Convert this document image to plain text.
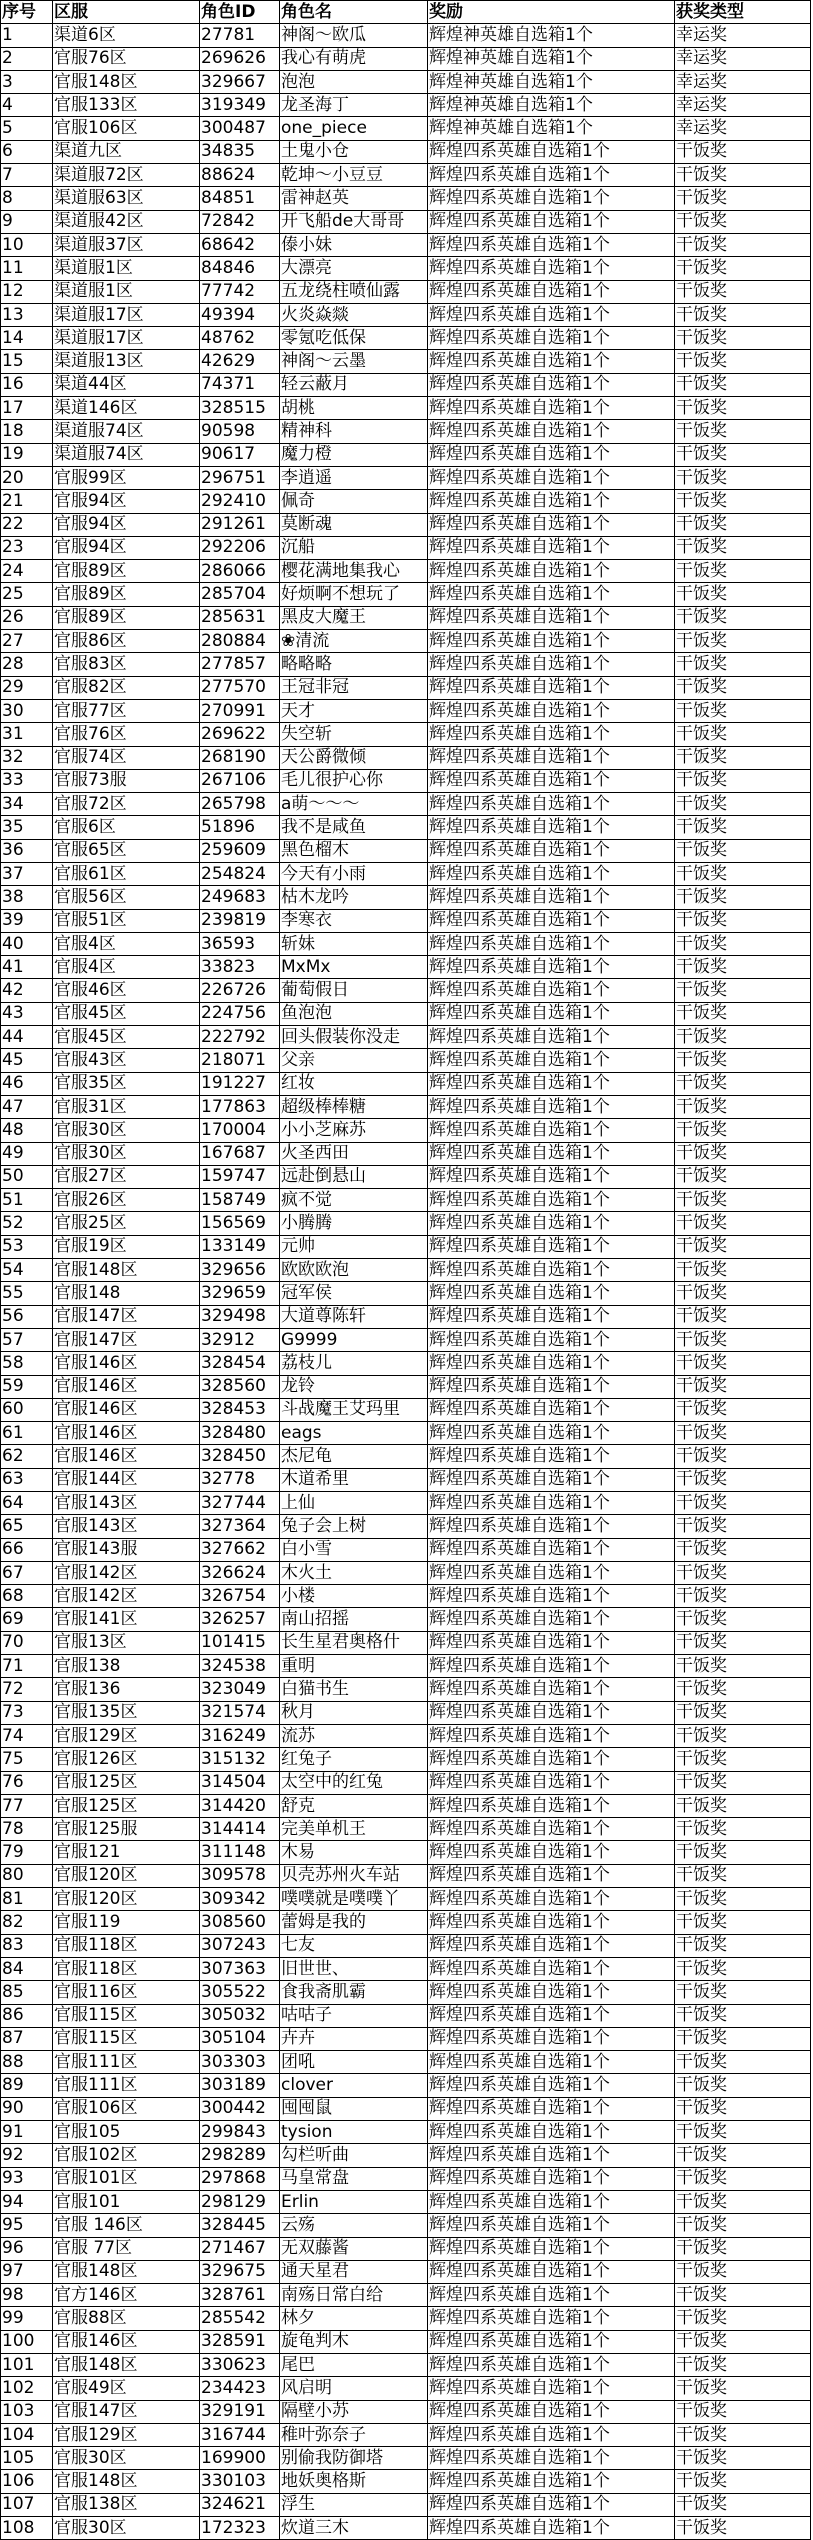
序号	区服	角色ID	角色名	奖励	获奖类型
1	渠道6区	27781	神阁～欧瓜	辉煌神英雄自选箱1个	幸运奖
2	官服76区	269626	我心有萌虎	辉煌神英雄自选箱1个	幸运奖
3	官服148区	329667	泡泡	辉煌神英雄自选箱1个	幸运奖
4	官服133区	319349	龙圣海丁	辉煌神英雄自选箱1个	幸运奖
5	官服106区	300487	one_piece	辉煌神英雄自选箱1个	幸运奖
6	渠道九区	34835	土鬼小仓	辉煌四系英雄自选箱1个	干饭奖
7	渠道服72区	88624	乾坤～小豆豆	辉煌四系英雄自选箱1个	干饭奖
8	渠道服63区	84851	雷神赵英	辉煌四系英雄自选箱1个	干饭奖
9	渠道服42区	72842	开飞船de大哥哥	辉煌四系英雄自选箱1个	干饭奖
10	渠道服37区	68642	傣小妹	辉煌四系英雄自选箱1个	干饭奖
11	渠道服1区	84846	大漂亮	辉煌四系英雄自选箱1个	干饭奖
12	渠道服1区	77742	五龙绕柱喷仙露	辉煌四系英雄自选箱1个	干饭奖
13	渠道服17区	49394	火炎焱燚	辉煌四系英雄自选箱1个	干饭奖
14	渠道服17区	48762	零氪吃低保	辉煌四系英雄自选箱1个	干饭奖
15	渠道服13区	42629	神阁～云墨	辉煌四系英雄自选箱1个	干饭奖
16	渠道44区	74371	轻云蔽月	辉煌四系英雄自选箱1个	干饭奖
17	渠道146区	328515	胡桃	辉煌四系英雄自选箱1个	干饭奖
18	渠道服74区	90598	精神科	辉煌四系英雄自选箱1个	干饭奖
19	渠道服74区	90617	魔力橙	辉煌四系英雄自选箱1个	干饭奖
20	官服99区	296751	李逍遥	辉煌四系英雄自选箱1个	干饭奖
21	官服94区	292410	佩奇	辉煌四系英雄自选箱1个	干饭奖
22	官服94区	291261	莫断魂	辉煌四系英雄自选箱1个	干饭奖
23	官服94区	292206	沉船	辉煌四系英雄自选箱1个	干饭奖
24	官服89区	286066	樱花满地集我心	辉煌四系英雄自选箱1个	干饭奖
25	官服89区	285704	好烦啊不想玩了	辉煌四系英雄自选箱1个	干饭奖
26	官服89区	285631	黑皮大魔王	辉煌四系英雄自选箱1个	干饭奖
27	官服86区	280884	❀清流	辉煌四系英雄自选箱1个	干饭奖
28	官服83区	277857	略略略	辉煌四系英雄自选箱1个	干饭奖
29	官服82区	277570	王冠非冠	辉煌四系英雄自选箱1个	干饭奖
30	官服77区	270991	天才	辉煌四系英雄自选箱1个	干饭奖
31	官服76区	269622	失空斩	辉煌四系英雄自选箱1个	干饭奖
32	官服74区	268190	天公爵微倾	辉煌四系英雄自选箱1个	干饭奖
33	官服73服	267106	毛儿很护心你	辉煌四系英雄自选箱1个	干饭奖
34	官服72区	265798	a萌～～～	辉煌四系英雄自选箱1个	干饭奖
35	官服6区	51896	我不是咸鱼	辉煌四系英雄自选箱1个	干饭奖
36	官服65区	259609	黑色榴木	辉煌四系英雄自选箱1个	干饭奖
37	官服61区	254824	今天有小雨	辉煌四系英雄自选箱1个	干饭奖
38	官服56区	249683	枯木龙吟	辉煌四系英雄自选箱1个	干饭奖
39	官服51区	239819	李寒衣	辉煌四系英雄自选箱1个	干饭奖
40	官服4区	36593	斩妹	辉煌四系英雄自选箱1个	干饭奖
41	官服4区	33823	MxMx	辉煌四系英雄自选箱1个	干饭奖
42	官服46区	226726	葡萄假日	辉煌四系英雄自选箱1个	干饭奖
43	官服45区	224756	鱼泡泡	辉煌四系英雄自选箱1个	干饭奖
44	官服45区	222792	回头假装你没走	辉煌四系英雄自选箱1个	干饭奖
45	官服43区	218071	父亲	辉煌四系英雄自选箱1个	干饭奖
46	官服35区	191227	红妆	辉煌四系英雄自选箱1个	干饭奖
47	官服31区	177863	超级棒棒糖	辉煌四系英雄自选箱1个	干饭奖
48	官服30区	170004	小小芝麻苏	辉煌四系英雄自选箱1个	干饭奖
49	官服30区	167687	火圣西田	辉煌四系英雄自选箱1个	干饭奖
50	官服27区	159747	远赴倒悬山	辉煌四系英雄自选箱1个	干饭奖
51	官服26区	158749	疯不觉	辉煌四系英雄自选箱1个	干饭奖
52	官服25区	156569	小腾腾	辉煌四系英雄自选箱1个	干饭奖
53	官服19区	133149	元帅	辉煌四系英雄自选箱1个	干饭奖
54	官服148区	329656	欧欧欧泡	辉煌四系英雄自选箱1个	干饭奖
55	官服148	329659	冠军侯	辉煌四系英雄自选箱1个	干饭奖
56	官服147区	329498	大道尊陈轩	辉煌四系英雄自选箱1个	干饭奖
57	官服147区	32912	G9999	辉煌四系英雄自选箱1个	干饭奖
58	官服146区	328454	荔枝儿	辉煌四系英雄自选箱1个	干饭奖
59	官服146区	328560	龙铃	辉煌四系英雄自选箱1个	干饭奖
60	官服146区	328453	斗战魔王艾玛里	辉煌四系英雄自选箱1个	干饭奖
61	官服146区	328480	eags	辉煌四系英雄自选箱1个	干饭奖
62	官服146区	328450	杰尼龟	辉煌四系英雄自选箱1个	干饭奖
63	官服144区	32778	木道希里	辉煌四系英雄自选箱1个	干饭奖
64	官服143区	327744	上仙	辉煌四系英雄自选箱1个	干饭奖
65	官服143区	327364	兔子会上树	辉煌四系英雄自选箱1个	干饭奖
66	官服143服	327662	白小雪	辉煌四系英雄自选箱1个	干饭奖
67	官服142区	326624	木火土	辉煌四系英雄自选箱1个	干饭奖
68	官服142区	326754	小楼	辉煌四系英雄自选箱1个	干饭奖
69	官服141区	326257	南山招摇	辉煌四系英雄自选箱1个	干饭奖
70	官服13区	101415	长生星君奥格什	辉煌四系英雄自选箱1个	干饭奖
71	官服138	324538	重明	辉煌四系英雄自选箱1个	干饭奖
72	官服136	323049	白猫书生	辉煌四系英雄自选箱1个	干饭奖
73	官服135区	321574	秋月	辉煌四系英雄自选箱1个	干饭奖
74	官服129区	316249	流苏	辉煌四系英雄自选箱1个	干饭奖
75	官服126区	315132	红兔子	辉煌四系英雄自选箱1个	干饭奖
76	官服125区	314504	太空中的红兔	辉煌四系英雄自选箱1个	干饭奖
77	官服125区	314420	舒克	辉煌四系英雄自选箱1个	干饭奖
78	官服125服	314414	完美单机王	辉煌四系英雄自选箱1个	干饭奖
79	官服121	311148	木易	辉煌四系英雄自选箱1个	干饭奖
80	官服120区	309578	贝壳苏州火车站	辉煌四系英雄自选箱1个	干饭奖
81	官服120区	309342	噗噗就是噗噗丫	辉煌四系英雄自选箱1个	干饭奖
82	官服119	308560	蕾姆是我的	辉煌四系英雄自选箱1个	干饭奖
83	官服118区	307243	七友	辉煌四系英雄自选箱1个	干饭奖
84	官服118区	307363	旧世世、	辉煌四系英雄自选箱1个	干饭奖
85	官服116区	305522	食我斋肌霸	辉煌四系英雄自选箱1个	干饭奖
86	官服115区	305032	咕咕子	辉煌四系英雄自选箱1个	干饭奖
87	官服115区	305104	卉卉	辉煌四系英雄自选箱1个	干饭奖
88	官服111区	303303	团吼	辉煌四系英雄自选箱1个	干饭奖
89	官服111区	303189	clover	辉煌四系英雄自选箱1个	干饭奖
90	官服106区	300442	囤囤鼠	辉煌四系英雄自选箱1个	干饭奖
91	官服105	299843	tysion	辉煌四系英雄自选箱1个	干饭奖
92	官服102区	298289	勾栏听曲	辉煌四系英雄自选箱1个	干饭奖
93	官服101区	297868	马皇常盘	辉煌四系英雄自选箱1个	干饭奖
94	官服101	298129	Erlin	辉煌四系英雄自选箱1个	干饭奖
95	官服 146区	328445	云殇	辉煌四系英雄自选箱1个	干饭奖
96	官服 77区	271467	无双藤酱	辉煌四系英雄自选箱1个	干饭奖
97	官服148区	329675	通天星君	辉煌四系英雄自选箱1个	干饭奖
98	官方146区	328761	南殇日常白给	辉煌四系英雄自选箱1个	干饭奖
99	官服88区	285542	林夕	辉煌四系英雄自选箱1个	干饭奖
100	官服146区	328591	旋龟判木	辉煌四系英雄自选箱1个	干饭奖
101	官服148区	330623	尾巴	辉煌四系英雄自选箱1个	干饭奖
102	官服49区	234423	风启明	辉煌四系英雄自选箱1个	干饭奖
103	官服147区	329191	隔壁小苏	辉煌四系英雄自选箱1个	干饭奖
104	官服129区	316744	稚叶弥奈子	辉煌四系英雄自选箱1个	干饭奖
105	官服30区	169900	别偷我防御塔	辉煌四系英雄自选箱1个	干饭奖
106	官服148区	330103	地妖奥格斯	辉煌四系英雄自选箱1个	干饭奖
107	官服138区	324621	浮生	辉煌四系英雄自选箱1个	干饭奖
108	官服30区	172323	炊道三木	辉煌四系英雄自选箱1个	干饭奖
